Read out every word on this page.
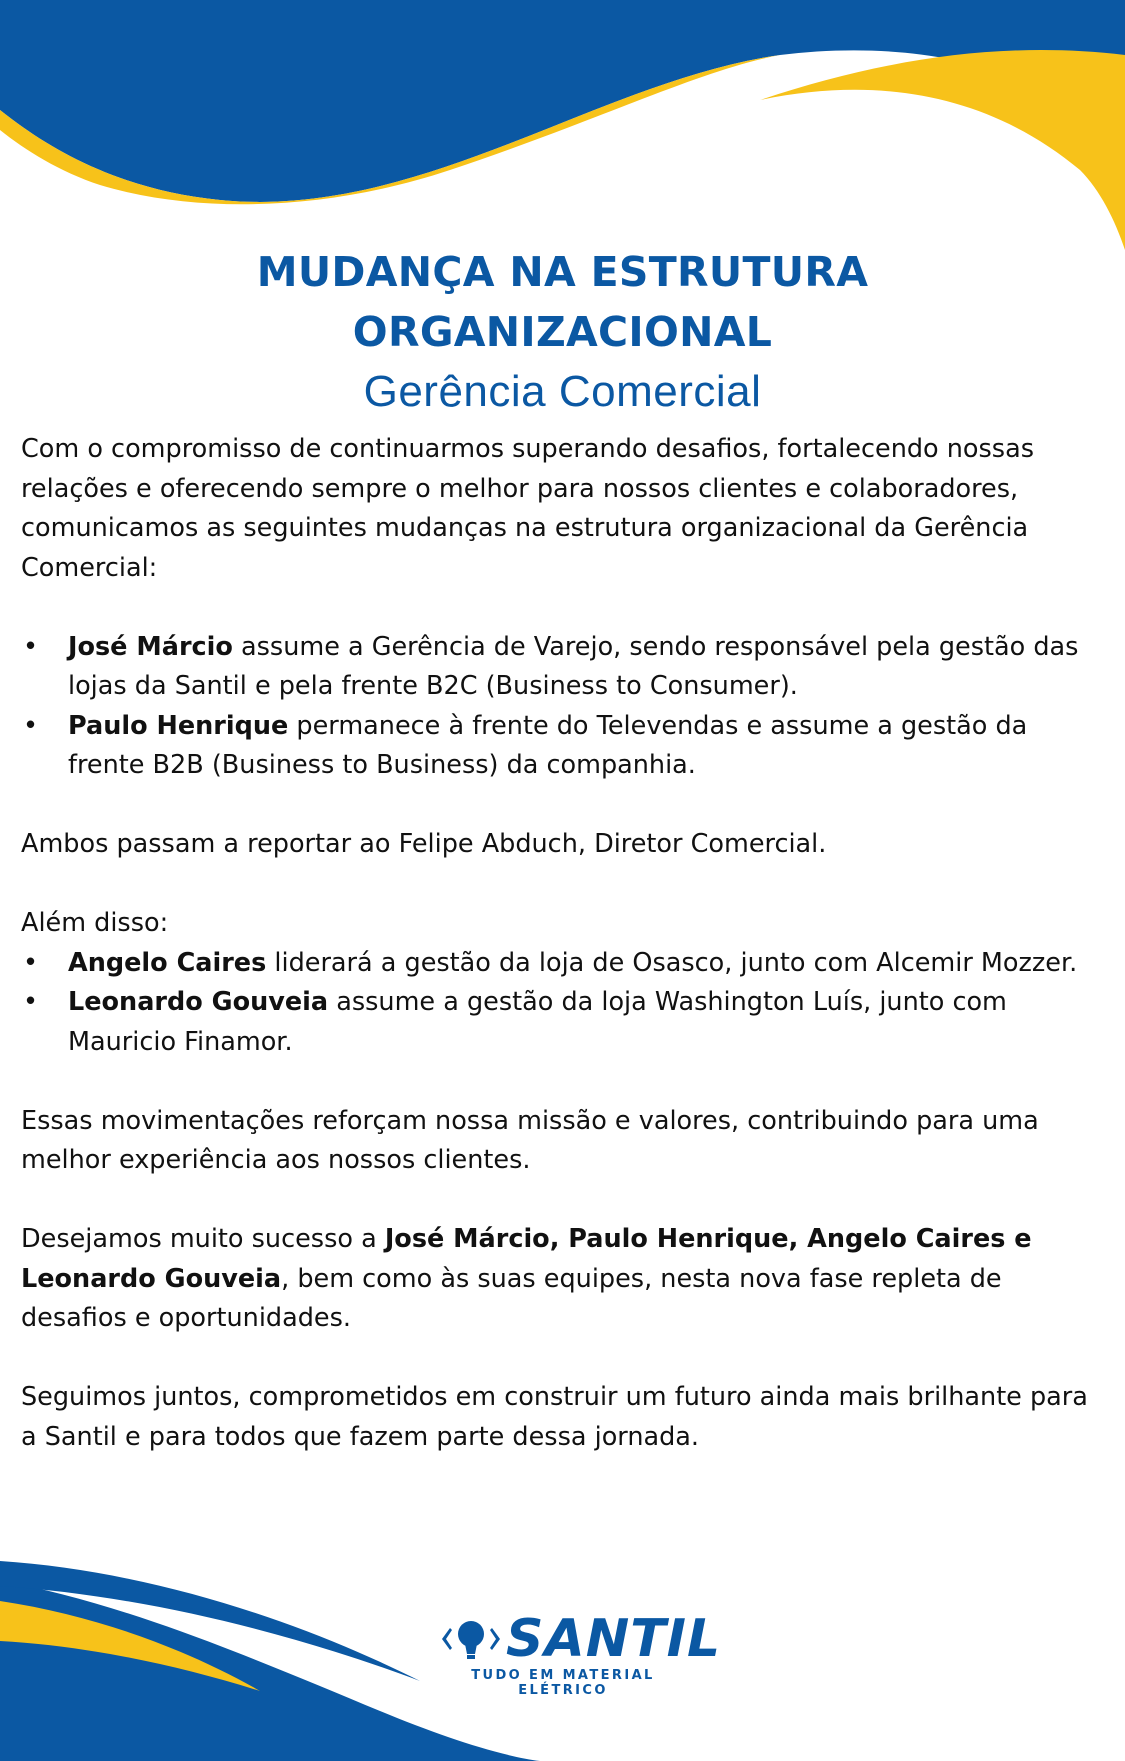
MUDANÇA NA ESTRUTURA
ORGANIZACIONAL
Gerência Comercial

Com o compromisso de continuarmos superando desafios, fortalecendo nossas relações e oferecendo sempre o melhor para nossos clientes e colaboradores, comunicamos as seguintes mudanças na estrutura organizacional da Gerência Comercial:

• José Márcio assume a Gerência de Varejo, sendo responsável pela gestão das lojas da Santil e pela frente B2C (Business to Consumer).
• Paulo Henrique permanece à frente do Televendas e assume a gestão da frente B2B (Business to Business) da companhia.

Ambos passam a reportar ao Felipe Abduch, Diretor Comercial.

Além disso:

• Angelo Caires liderará a gestão da loja de Osasco, junto com Alcemir Mozzer.
• Leonardo Gouveia assume a gestão da loja Washington Luís, junto com Mauricio Finamor.

Essas movimentações reforçam nossa missão e valores, contribuindo para uma melhor experiência aos nossos clientes.

Desejamos muito sucesso a José Márcio, Paulo Henrique, Angelo Caires e Leonardo Gouveia, bem como às suas equipes, nesta nova fase repleta de desafios e oportunidades.

Seguimos juntos, comprometidos em construir um futuro ainda mais brilhante para a Santil e para todos que fazem parte dessa jornada.

SANTIL
TUDO EM MATERIAL ELÉTRICO
